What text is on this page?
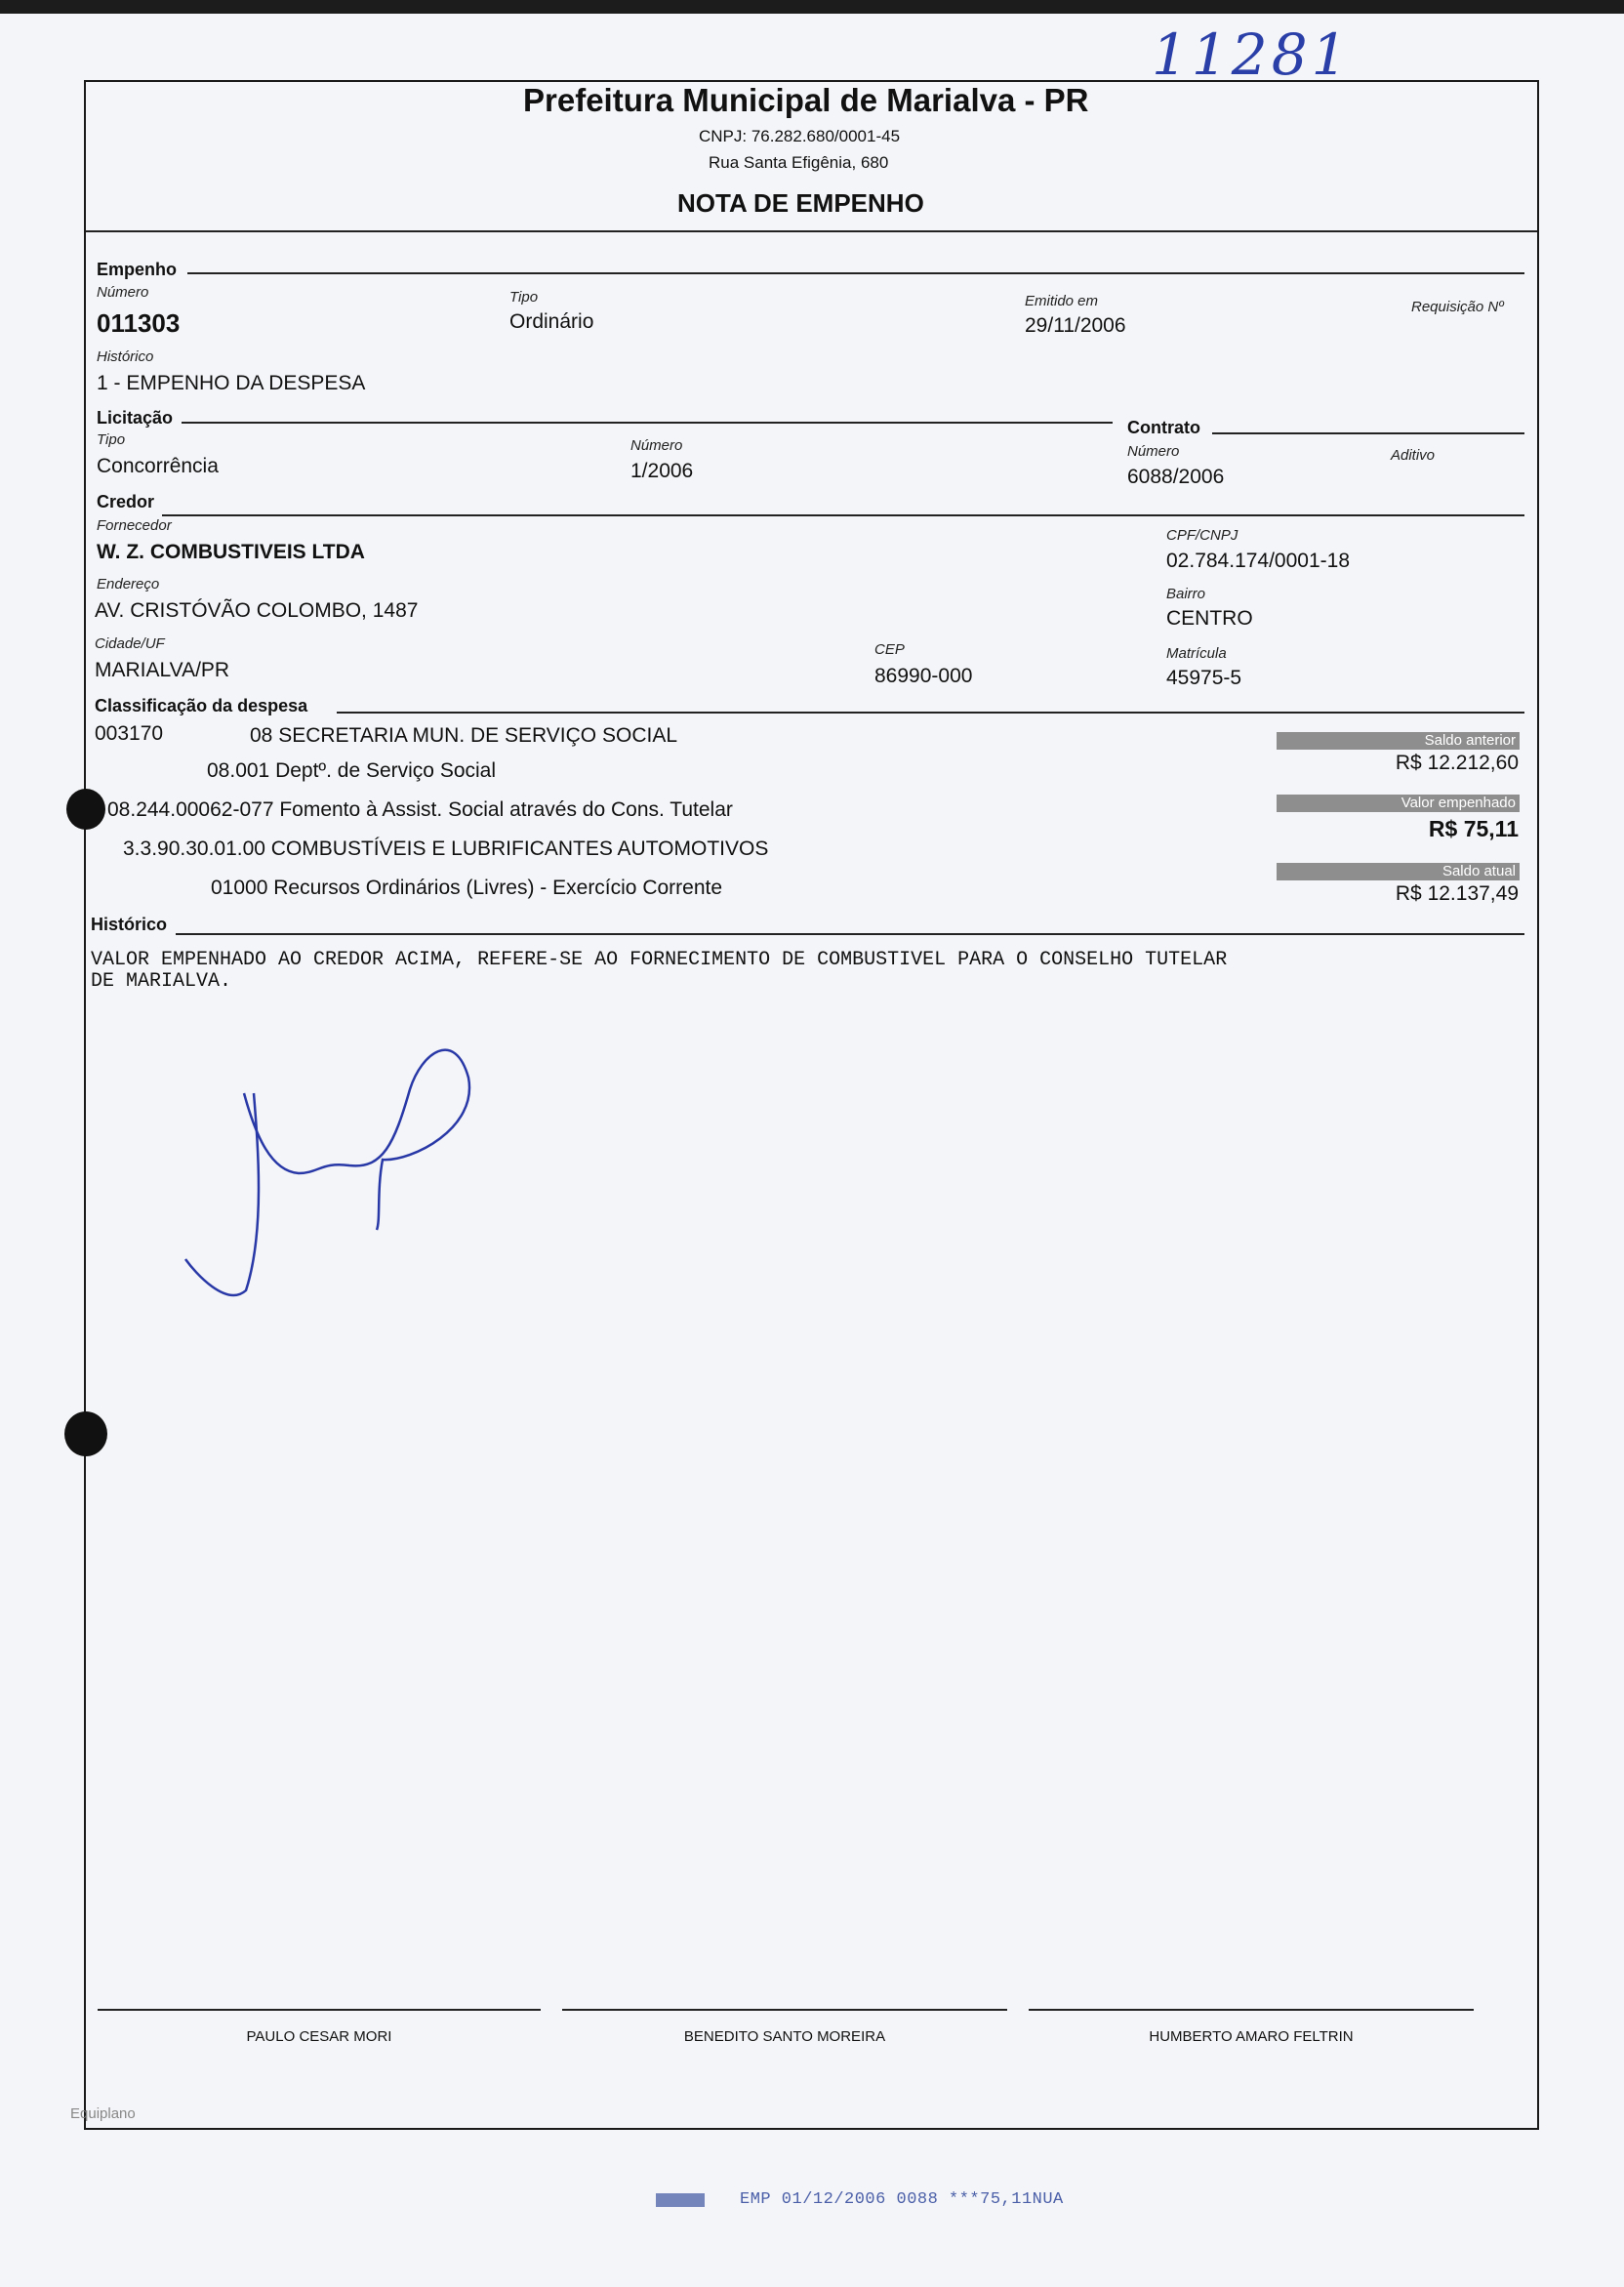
11281
Prefeitura Municipal de Marialva - PR
CNPJ: 76.282.680/0001-45
Rua Santa Efigênia, 680
NOTA DE EMPENHO
Empenho
Número
011303
Tipo
Ordinário
Emitido em
29/11/2006
Requisição Nº
Histórico
1 - EMPENHO DA DESPESA
Licitação
Tipo
Concorrência
Número
1/2006
Contrato
Número
6088/2006
Aditivo
Credor
Fornecedor
W. Z. COMBUSTIVEIS LTDA
CPF/CNPJ
02.784.174/0001-18
Endereço
AV. CRISTÓVÃO COLOMBO, 1487
Bairro
CENTRO
Cidade/UF
MARIALVA/PR
CEP
86990-000
Matrícula
45975-5
Classificação da despesa
003170	08 SECRETARIA MUN. DE SERVIÇO SOCIAL
08.001 Deptº. de Serviço Social
08.244.00062-077 Fomento à Assist. Social através do Cons. Tutelar
3.3.90.30.01.00 COMBUSTÍVEIS E LUBRIFICANTES AUTOMOTIVOS
01000 Recursos Ordinários (Livres) - Exercício Corrente
Saldo anterior
R$ 12.212,60
Valor empenhado
R$ 75,11
Saldo atual
R$ 12.137,49
Histórico
VALOR EMPENHADO AO CREDOR ACIMA, REFERE-SE AO FORNECIMENTO DE COMBUSTIVEL PARA O CONSELHO TUTELAR
DE MARIALVA.
PAULO CESAR MORI	BENEDITO SANTO MOREIRA	HUMBERTO AMARO FELTRIN
Equiplano
EMP 01/12/2006 0088 ***75,11NUA
